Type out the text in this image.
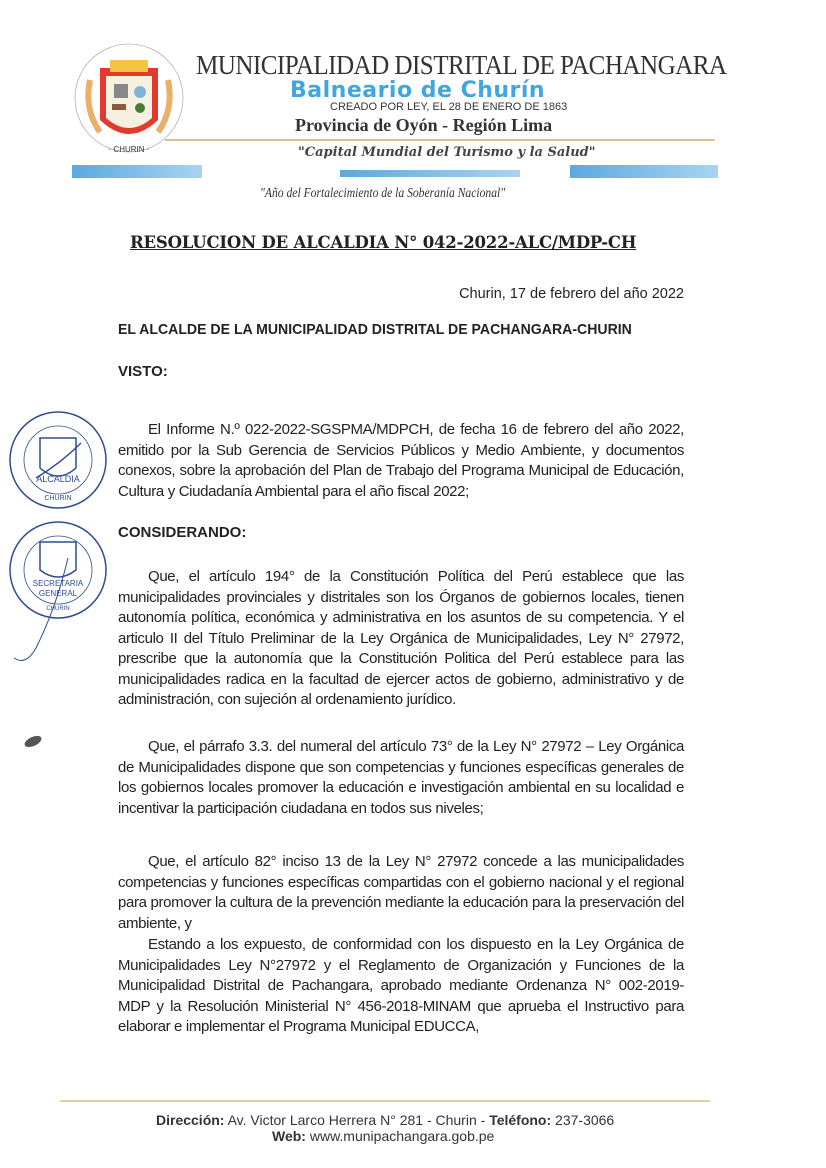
· CHURIN ·
MUNICIPALIDAD DISTRITAL DE PACHANGARA
Balneario de Churín
CREADO POR LEY, EL 28 DE ENERO DE 1863
Provincia de Oyón - Región Lima
"Capital Mundial del Turismo y la Salud"
"Año del Fortalecimiento de la Soberanía Nacional"
RESOLUCION DE ALCALDIA N° 042-2022-ALC/MDP-CH
Churin, 17 de febrero del año 2022
EL ALCALDE DE LA MUNICIPALIDAD DISTRITAL DE PACHANGARA-CHURIN
VISTO:
El Informe N.º 022-2022-SGSPMA/MDPCH, de fecha 16 de febrero del año 2022, emitido por la Sub Gerencia de Servicios Públicos y Medio Ambiente, y documentos conexos, sobre la aprobación del Plan de Trabajo del Programa Municipal de Educación, Cultura y Ciudadanía Ambiental para el año fiscal 2022;
CONSIDERANDO:
Que, el artículo 194° de la Constitución Política del Perú establece que las municipalidades provinciales y distritales son los Órganos de gobiernos locales, tienen autonomía política, económica y administrativa en los asuntos de su competencia. Y el articulo II del Título Preliminar de la Ley Orgánica de Municipalidades, Ley N° 27972, prescribe que la autonomía que la Constitución Politica del Perú establece para las municipalidades radica en la facultad de ejercer actos de gobierno, administrativo y de administración, con sujeción al ordenamiento jurídico.
Que, el párrafo 3.3. del numeral del artículo 73° de la Ley N° 27972 – Ley Orgánica de Municipalidades dispone que son competencias y funciones específicas generales de los gobiernos locales promover la educación e investigación ambiental en su localidad e incentivar la participación ciudadana en todos sus niveles;
Que, el artículo 82° inciso 13 de la Ley N° 27972 concede a las municipalidades competencias y funciones específicas compartidas con el gobierno nacional y el regional para promover la cultura de la prevención mediante la educación para la preservación del ambiente, y
Estando a los expuesto, de conformidad con los dispuesto en la Ley Orgánica de Municipalidades Ley N°27972 y el Reglamento de Organización y Funciones de la Municipalidad Distrital de Pachangara, aprobado mediante Ordenanza N° 002-2019- MDP y la Resolución Ministerial N° 456-2018-MINAM que aprueba el Instructivo para elaborar e implementar el Programa Municipal EDUCCA,
ALCALDIA
CHURIN
SECRETARIA
GENERAL
CHURIN
Dirección: Av. Victor Larco Herrera N° 281 - Churin - Teléfono: 237-3066
Web: www.munipachangara.gob.pe
